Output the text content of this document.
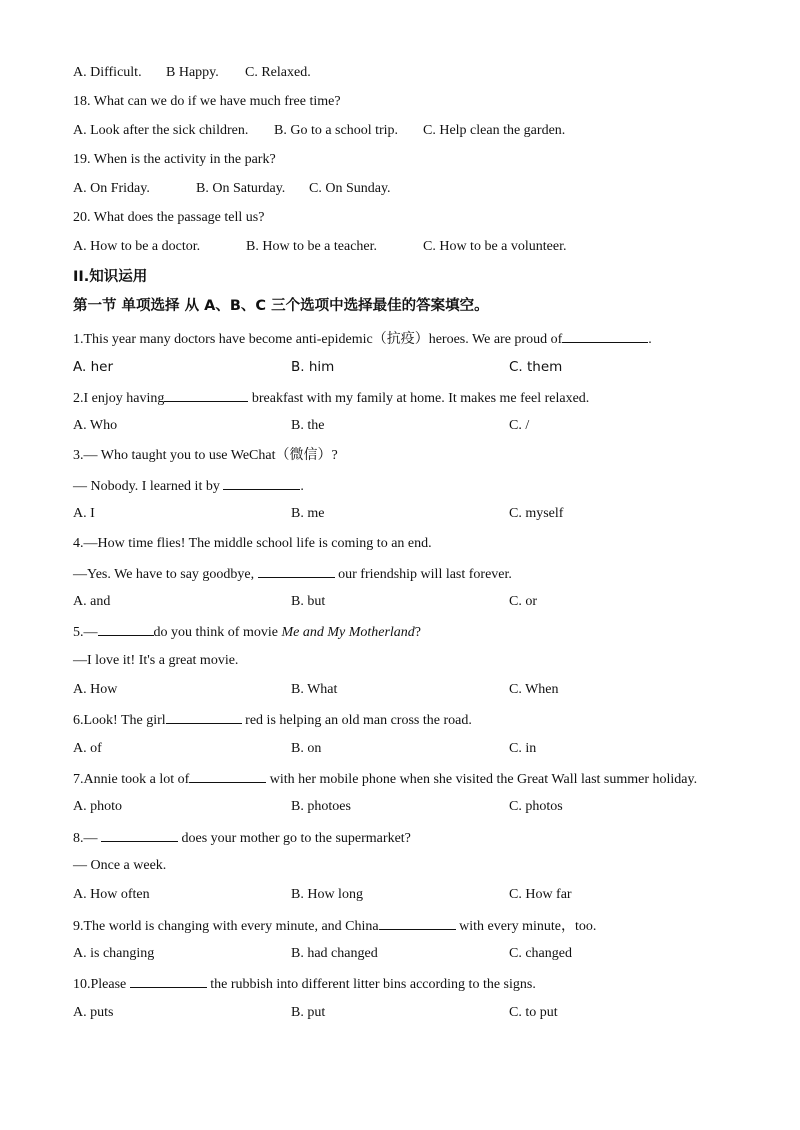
A. Difficult. B Happy. C. Relaxed.
18. What can we do if we have much free time?
A. Look after the sick children. B. Go to a school trip. C. Help clean the garden.
19. When is the activity in the park?
A. On Friday.	B. On Saturday. C. On Sunday.
20. What does the passage tell us?
A. How to be a doctor.	B. How to be a teacher.	C. How to be a volunteer.
II.知识运用
第一节 单项选择 从 A、B、C 三个选项中选择最佳的答案填空。
1.This year many doctors have become anti-epidemic（抗疫）heroes. We are proud of	.
A. her	B. him	C. them
2.I enjoy having	breakfast with my family at home. It makes me feel relaxed.
A. Who	B. the	C. /
3.— Who taught you to use WeChat（微信）?
— Nobody. I learned it by	.
A. I	B. me	C. myself
4.—How time flies! The middle school life is coming to an end.
—Yes. We have to say goodbye,	our friendship will last forever.
A. and	B. but	C. or
5.—	do you think of movie Me and My Motherland?
—I love it! It's a great movie.
A. How	B. What	C. When
6.Look! The girl	red is helping an old man cross the road.
A. of	B. on	C. in
7.Annie took a lot of	with her mobile phone when she visited the Great Wall last summer holiday.
A. photo	B. photoes	C. photos
8.—	does your mother go to the supermarket?
— Once a week.
A. How often	B. How long	C. How far
9.The world is changing with every minute, and China	with every minute，too.
A. is changing	B. had changed	C. changed
10.Please	the rubbish into different litter bins according to the signs.
A. puts	B. put	C. to put
